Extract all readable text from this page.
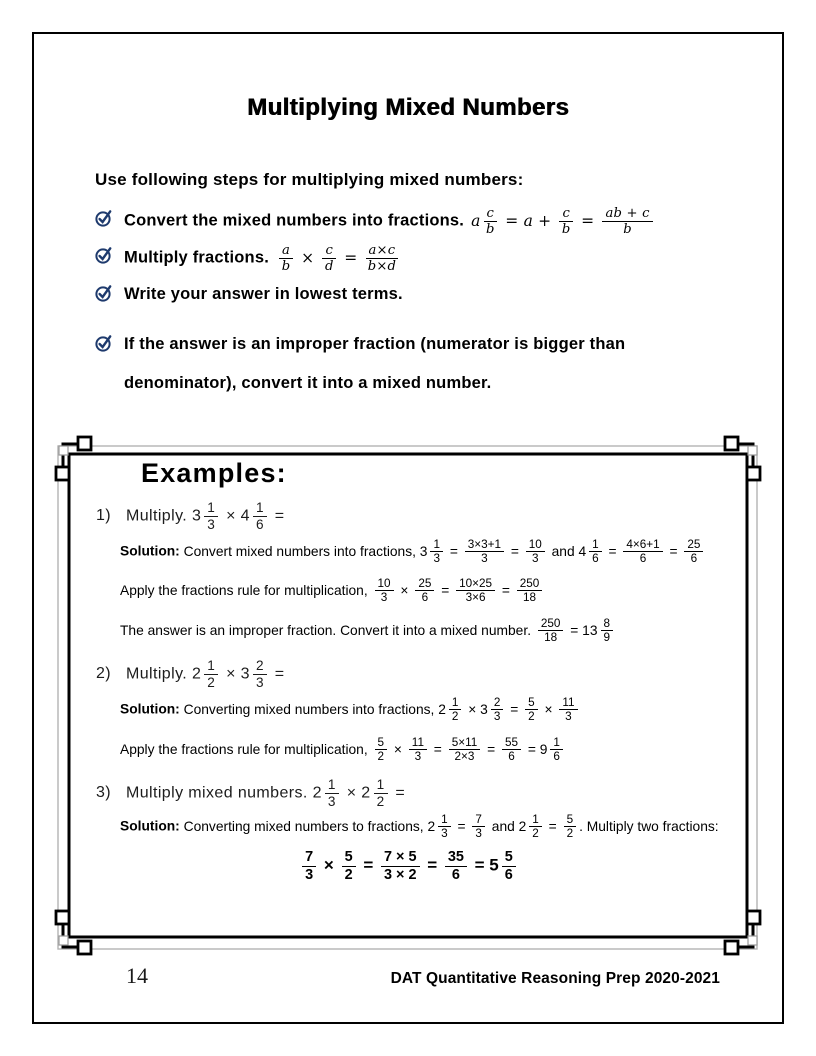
Multiplying Mixed Numbers
Use following steps for multiplying mixed numbers:
Convert the mixed numbers into fractions. a $\frac{c}{b} = a + \frac{c}{b} = \frac{ab + c}{b}$
Multiply fractions. $\frac{a}{b} \times \frac{c}{d} = \frac{a\times c}{b\times d}$
Write your answer in lowest terms.
If the answer is an improper fraction (numerator is bigger than denominator), convert it into a mixed number.
Examples:
1) Multiply. $3 \frac{1}{3} \times 4 \frac{1}{6}$ =
Solution: Convert mixed numbers into fractions, $3 \frac{1}{3} = \frac{3\times 3+1}{3} = \frac{10}{3}$ and $4 \frac{1}{6} = \frac{4\times 6+1}{6} = \frac{25}{6}$
Apply the fractions rule for multiplication, $\frac{10}{3} \times \frac{25}{6} = \frac{10\times 25}{3\times 6} = \frac{250}{18}$
The answer is an improper fraction. Convert it into a mixed number. $\frac{250}{18} = 13 \frac{8}{9}$
2) Multiply. $2 \frac{1}{2} \times 3 \frac{2}{3}$ =
Solution: Converting mixed numbers into fractions, $2 \frac{1}{2} \times 3 \frac{2}{3} = \frac{5}{2} \times \frac{11}{3}$
Apply the fractions rule for multiplication, $\frac{5}{2} \times \frac{11}{3} = \frac{5\times 11}{2\times 3} = \frac{55}{6} = 9 \frac{1}{6}$
3) Multiply mixed numbers. $2 \frac{1}{3} \times 2 \frac{1}{2}$ =
Solution: Converting mixed numbers to fractions, $2 \frac{1}{3} = \frac{7}{3}$ and $2 \frac{1}{2} = \frac{5}{2}$ . Multiply two fractions:
$\frac{7}{3} \times \frac{5}{2} = \frac{7 \times 5}{3 \times 2} = \frac{35}{6} = 5 \frac{5}{6}$
14	DAT Quantitative Reasoning Prep 2020-2021
